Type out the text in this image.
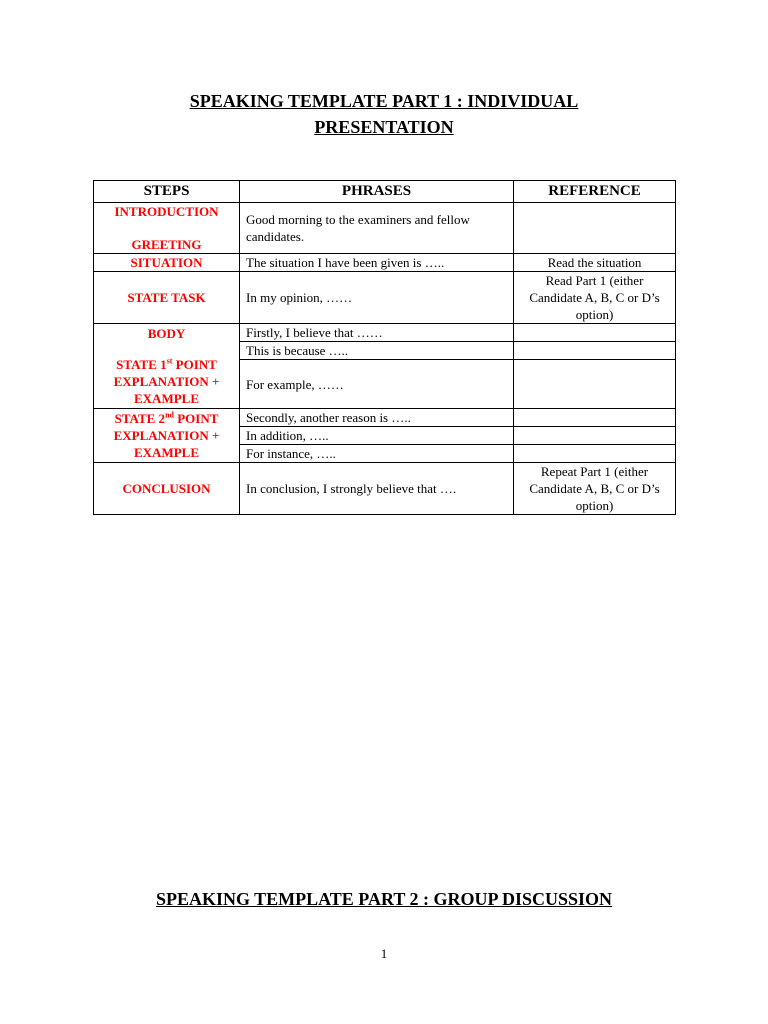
SPEAKING TEMPLATE PART 1 : INDIVIDUAL
PRESENTATION
STEPS	PHRASES	REFERENCE

INTRODUCTION
GREETING	Good morning to the examiners and fellow candidates.	
SITUATION	The situation I have been given is …..	Read the situation
STATE TASK	In my opinion, ……	Read Part 1 (either Candidate A, B, C or D’s option)

BODY
STATE 1st POINT
EXPLANATION +
EXAMPLE	Firstly, I believe that ……	
	This is because …..	
	For example, ……	

STATE 2nd POINT
EXPLANATION +
EXAMPLE	Secondly, another reason is …..	
	In addition, …..	
	For instance, …..	
CONCLUSION	In conclusion, I strongly believe that ….	Repeat Part 1 (either Candidate A, B, C or D’s option)
SPEAKING TEMPLATE PART 2 : GROUP DISCUSSION
1
